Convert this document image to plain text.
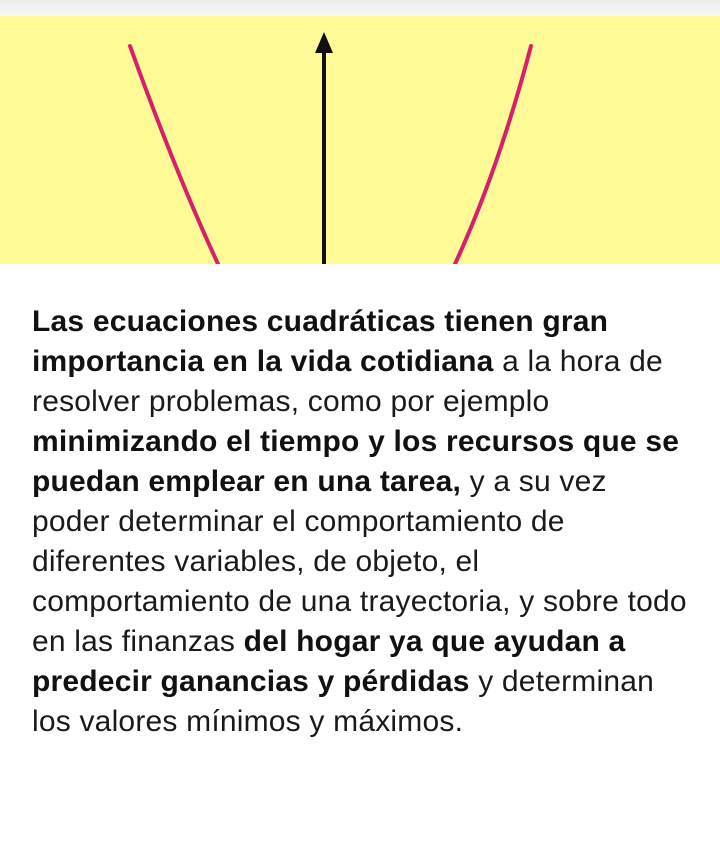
Las ecuaciones cuadráticas tienen gran importancia en la vida cotidiana a la hora de resolver problemas, como por ejemplo minimizando el tiempo y los recursos que se puedan emplear en una tarea, y a su vez poder determinar el comportamiento de diferentes variables, de objeto, el comportamiento de una trayectoria, y sobre todo en las finanzas del hogar ya que ayudan a predecir ganancias y pérdidas y determinan los valores mínimos y máximos.
